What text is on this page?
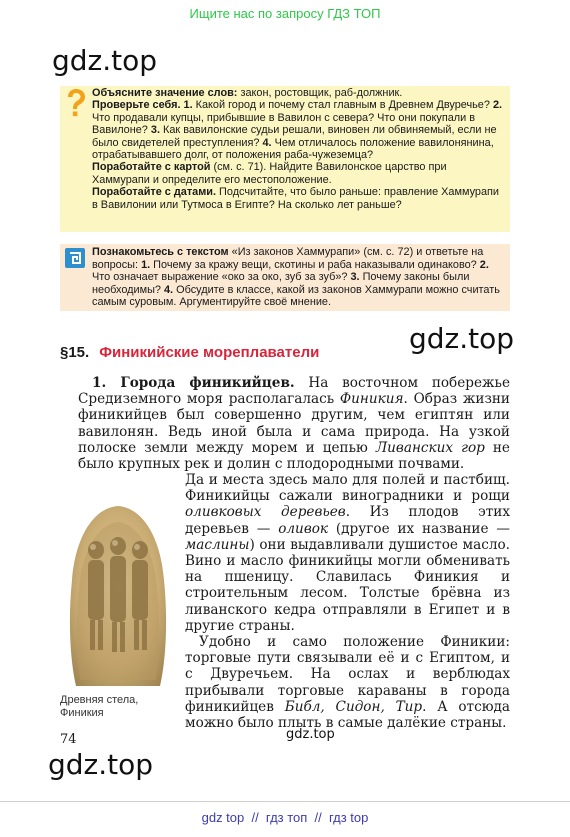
Ищите нас по запросу ГДЗ ТОП
gdz.top

Объясните значение слов: закон, ростовщик, раб-должник.

Проверьте себя. 1. Какой город и почему стал главным в Древнем Двуречье? 2. Что продавали купцы, прибывшие в Вавилон с севера? Что они покупали в Вавилоне? 3. Как вавилонские судьи решали, виновен ли обвиняемый, если не было свидетелей преступления? 4. Чем отличалось положение вавилонянина, отрабатывавшего долг, от положения раба-чужеземца?

Поработайте с картой (см. с. 71). Найдите Вавилонское царство при Хаммурапи и определите его местоположение.

Поработайте с датами. Подсчитайте, что было раньше: правление Хаммурапи в Вавилонии или Тутмоса в Египте? На сколько лет раньше?

Познакомьтесь с текстом «Из законов Хаммурапи» (см. с. 72) и ответьте на вопросы: 1. Почему за кражу вещи, скотины и раба наказывали одинаково? 2. Что означает выражение «око за око, зуб за зуб»? 3. Почему законы были необходимы? 4. Обсудите в классе, какой из законов Хаммурапи можно считать самым суровым. Аргументируйте своё мнение.

gdz.top
§15. Финикийские мореплаватели

1. Города финикийцев. На восточном побережье Средиземного моря располагалась Финикия. Образ жизни финикийцев был совершенно другим, чем египтян или вавилонян. Ведь иной была и сама природа. На узкой полоске земли между морем и цепью Ливанских гор не было крупных рек и долин с плодородными почвами.

Да и места здесь мало для полей и пастбищ. Финикийцы сажали виноградники и рощи оливковых деревьев. Из плодов этих деревьев — оливок (другое их название — маслины) они выдавливали душистое масло. Вино и масло финикийцы могли обменивать на пшеницу. Славилась Финикия и строительным лесом. Толстые брёвна из ливанского кедра отправляли в Египет и в другие страны.

Удобно и само положение Финикии: торговые пути связывали её и с Египтом, и с Двуречьем. На ослах и верблюдах прибывали торговые караваны в города финикийцев Библ, Сидон, Тир. А отсюда можно было плыть в самые далёкие страны.

Древняя стела,

Финикия

74	gdz.top
gdz.top
gdz top  //  гдз топ  //  гдз top
